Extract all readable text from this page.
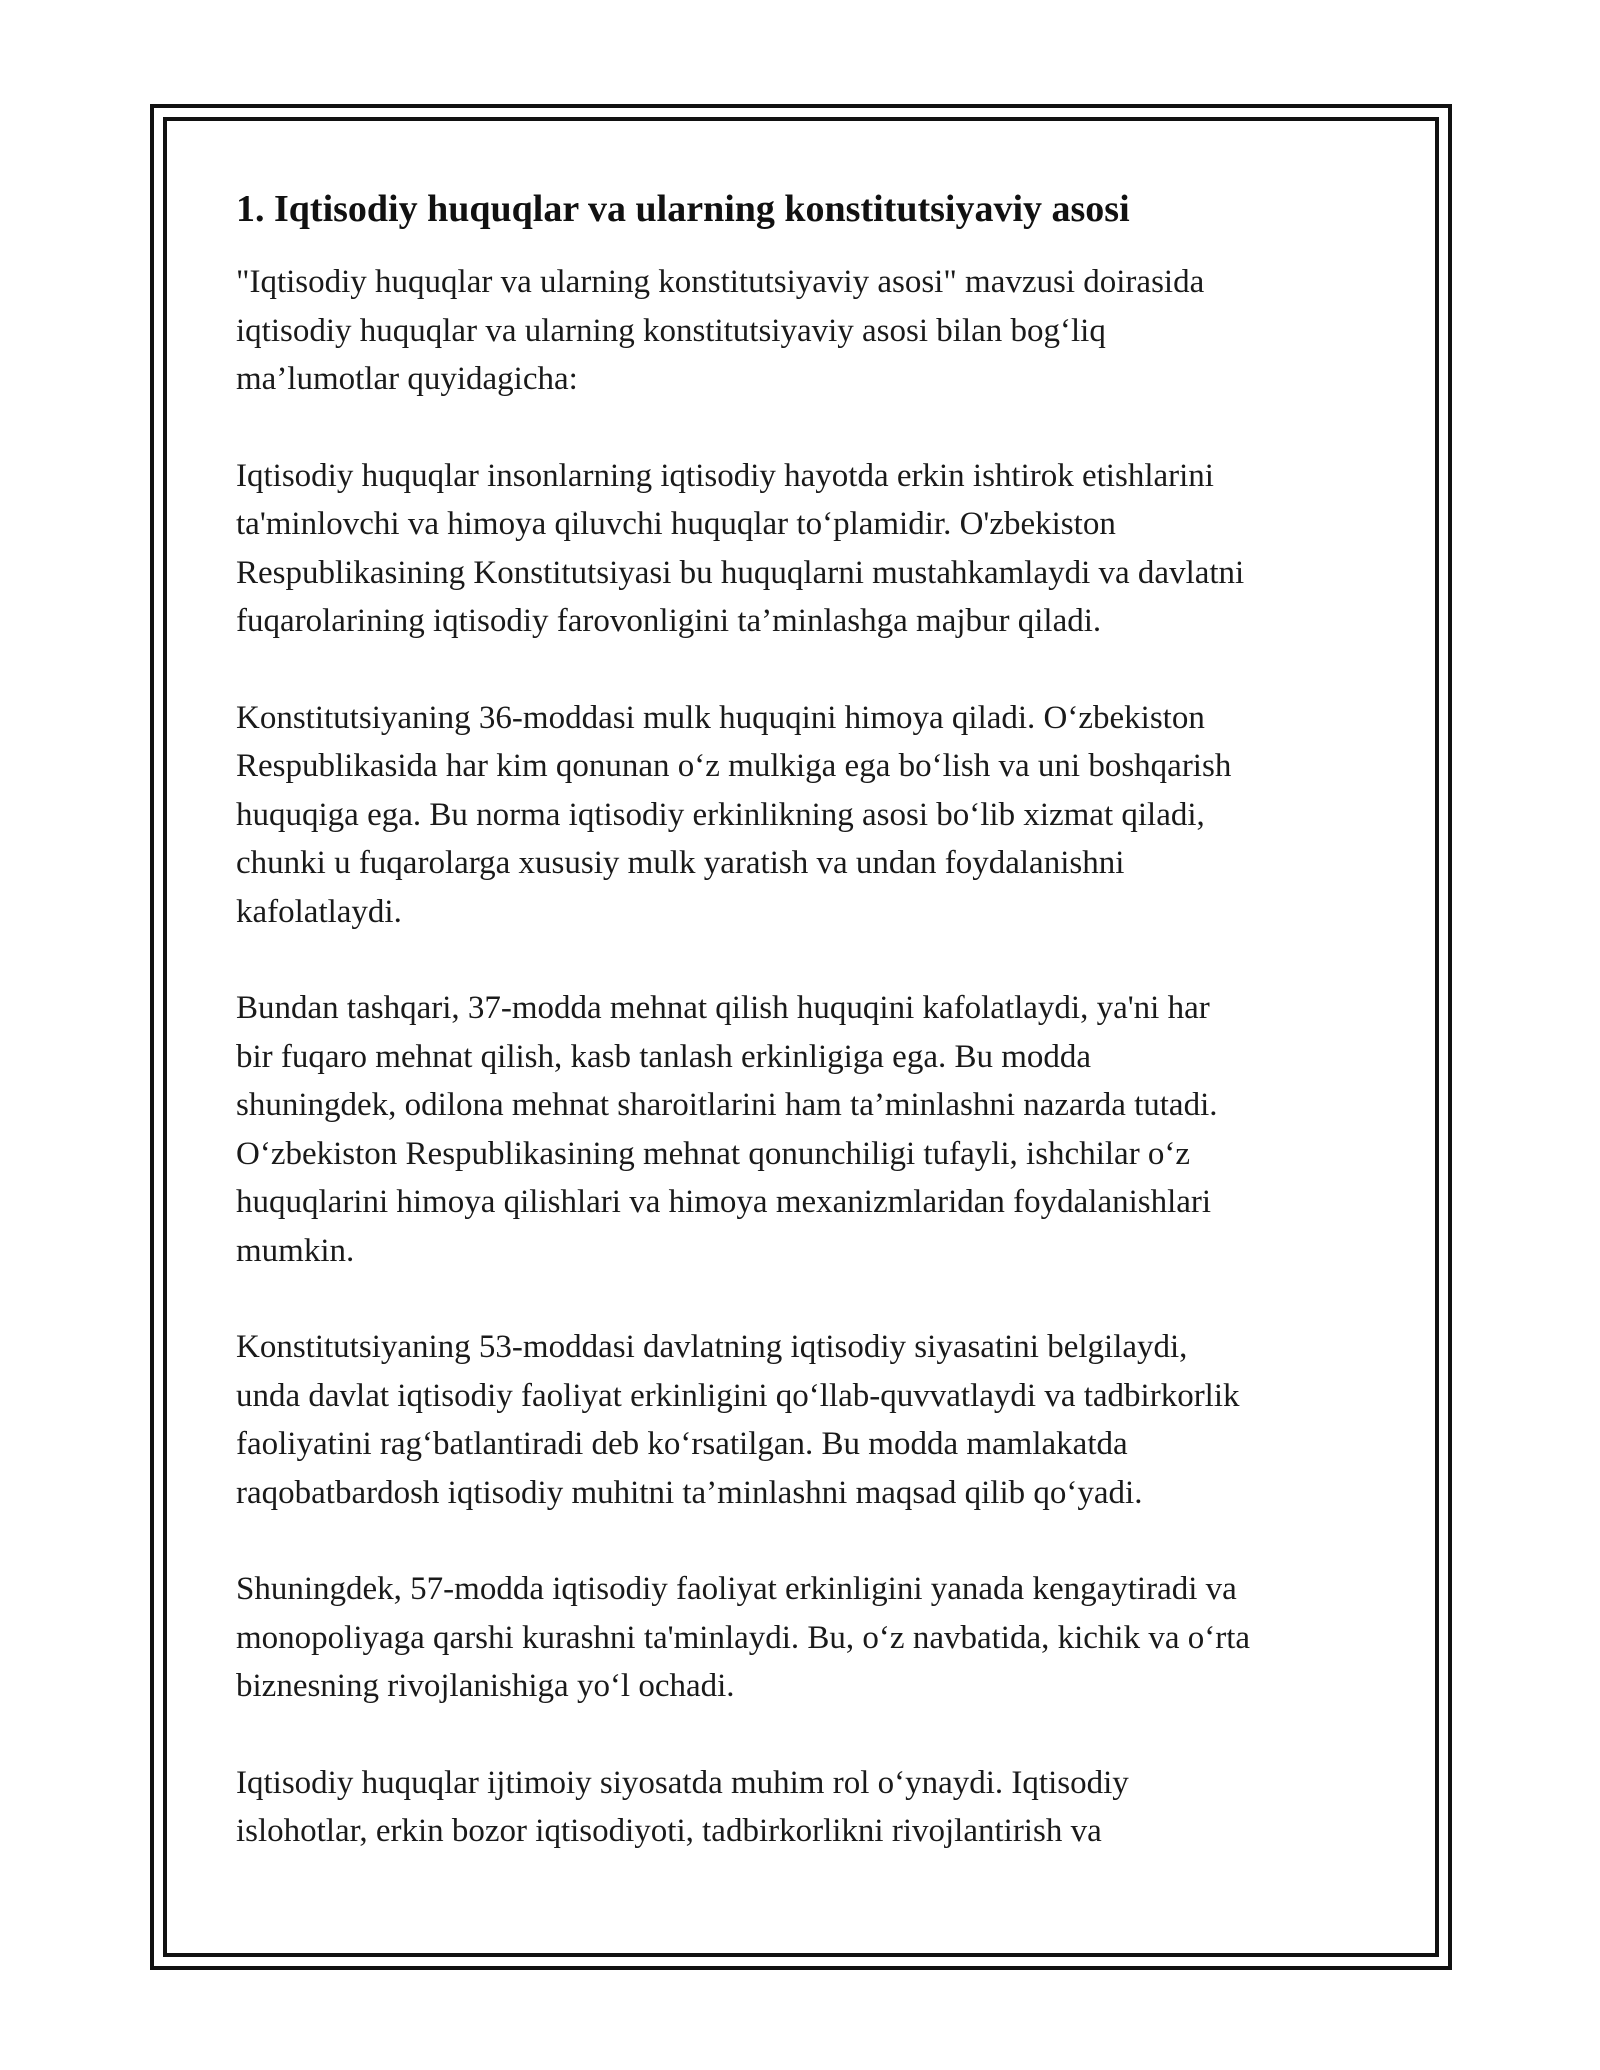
1. Iqtisodiy huquqlar va ularning konstitutsiyaviy asosi

"Iqtisodiy huquqlar va ularning konstitutsiyaviy asosi" mavzusi doirasida
iqtisodiy huquqlar va ularning konstitutsiyaviy asosi bilan bog‘liq
ma’lumotlar quyidagicha:

Iqtisodiy huquqlar insonlarning iqtisodiy hayotda erkin ishtirok etishlarini
ta'minlovchi va himoya qiluvchi huquqlar to‘plamidir. O'zbekiston
Respublikasining Konstitutsiyasi bu huquqlarni mustahkamlaydi va davlatni
fuqarolarining iqtisodiy farovonligini ta’minlashga majbur qiladi.

Konstitutsiyaning 36-moddasi mulk huquqini himoya qiladi. O‘zbekiston
Respublikasida har kim qonunan o‘z mulkiga ega bo‘lish va uni boshqarish
huquqiga ega. Bu norma iqtisodiy erkinlikning asosi bo‘lib xizmat qiladi,
chunki u fuqarolarga xususiy mulk yaratish va undan foydalanishni
kafolatlaydi.

Bundan tashqari, 37-modda mehnat qilish huquqini kafolatlaydi, ya'ni har
bir fuqaro mehnat qilish, kasb tanlash erkinligiga ega. Bu modda
shuningdek, odilona mehnat sharoitlarini ham ta’minlashni nazarda tutadi.
O‘zbekiston Respublikasining mehnat qonunchiligi tufayli, ishchilar o‘z
huquqlarini himoya qilishlari va himoya mexanizmlaridan foydalanishlari
mumkin.

Konstitutsiyaning 53-moddasi davlatning iqtisodiy siyasatini belgilaydi,
unda davlat iqtisodiy faoliyat erkinligini qo‘llab-quvvatlaydi va tadbirkorlik
faoliyatini rag‘batlantiradi deb ko‘rsatilgan. Bu modda mamlakatda
raqobatbardosh iqtisodiy muhitni ta’minlashni maqsad qilib qo‘yadi.

Shuningdek, 57-modda iqtisodiy faoliyat erkinligini yanada kengaytiradi va
monopoliyaga qarshi kurashni ta'minlaydi. Bu, o‘z navbatida, kichik va o‘rta
biznesning rivojlanishiga yo‘l ochadi.

Iqtisodiy huquqlar ijtimoiy siyosatda muhim rol o‘ynaydi. Iqtisodiy
islohotlar, erkin bozor iqtisodiyoti, tadbirkorlikni rivojlantirish va
